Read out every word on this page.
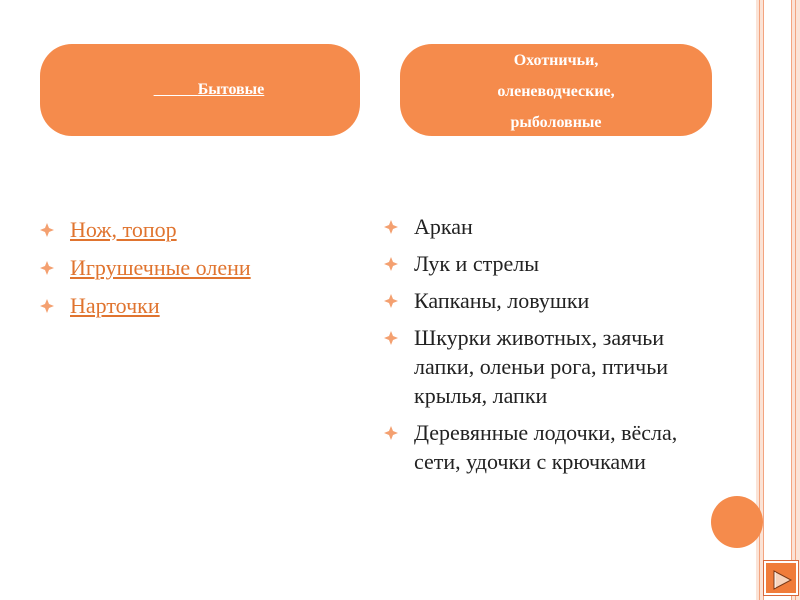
Бытовые
Охотничьи,
оленеводческие,
рыболовные
Нож, топор
Игрушечные олени
Нарточки
Аркан
Лук и стрелы
Капканы, ловушки
Шкурки животных, заячьи лапки, оленьи рога, птичьи крылья, лапки
Деревянные лодочки, вёсла, сети, удочки с крючками
